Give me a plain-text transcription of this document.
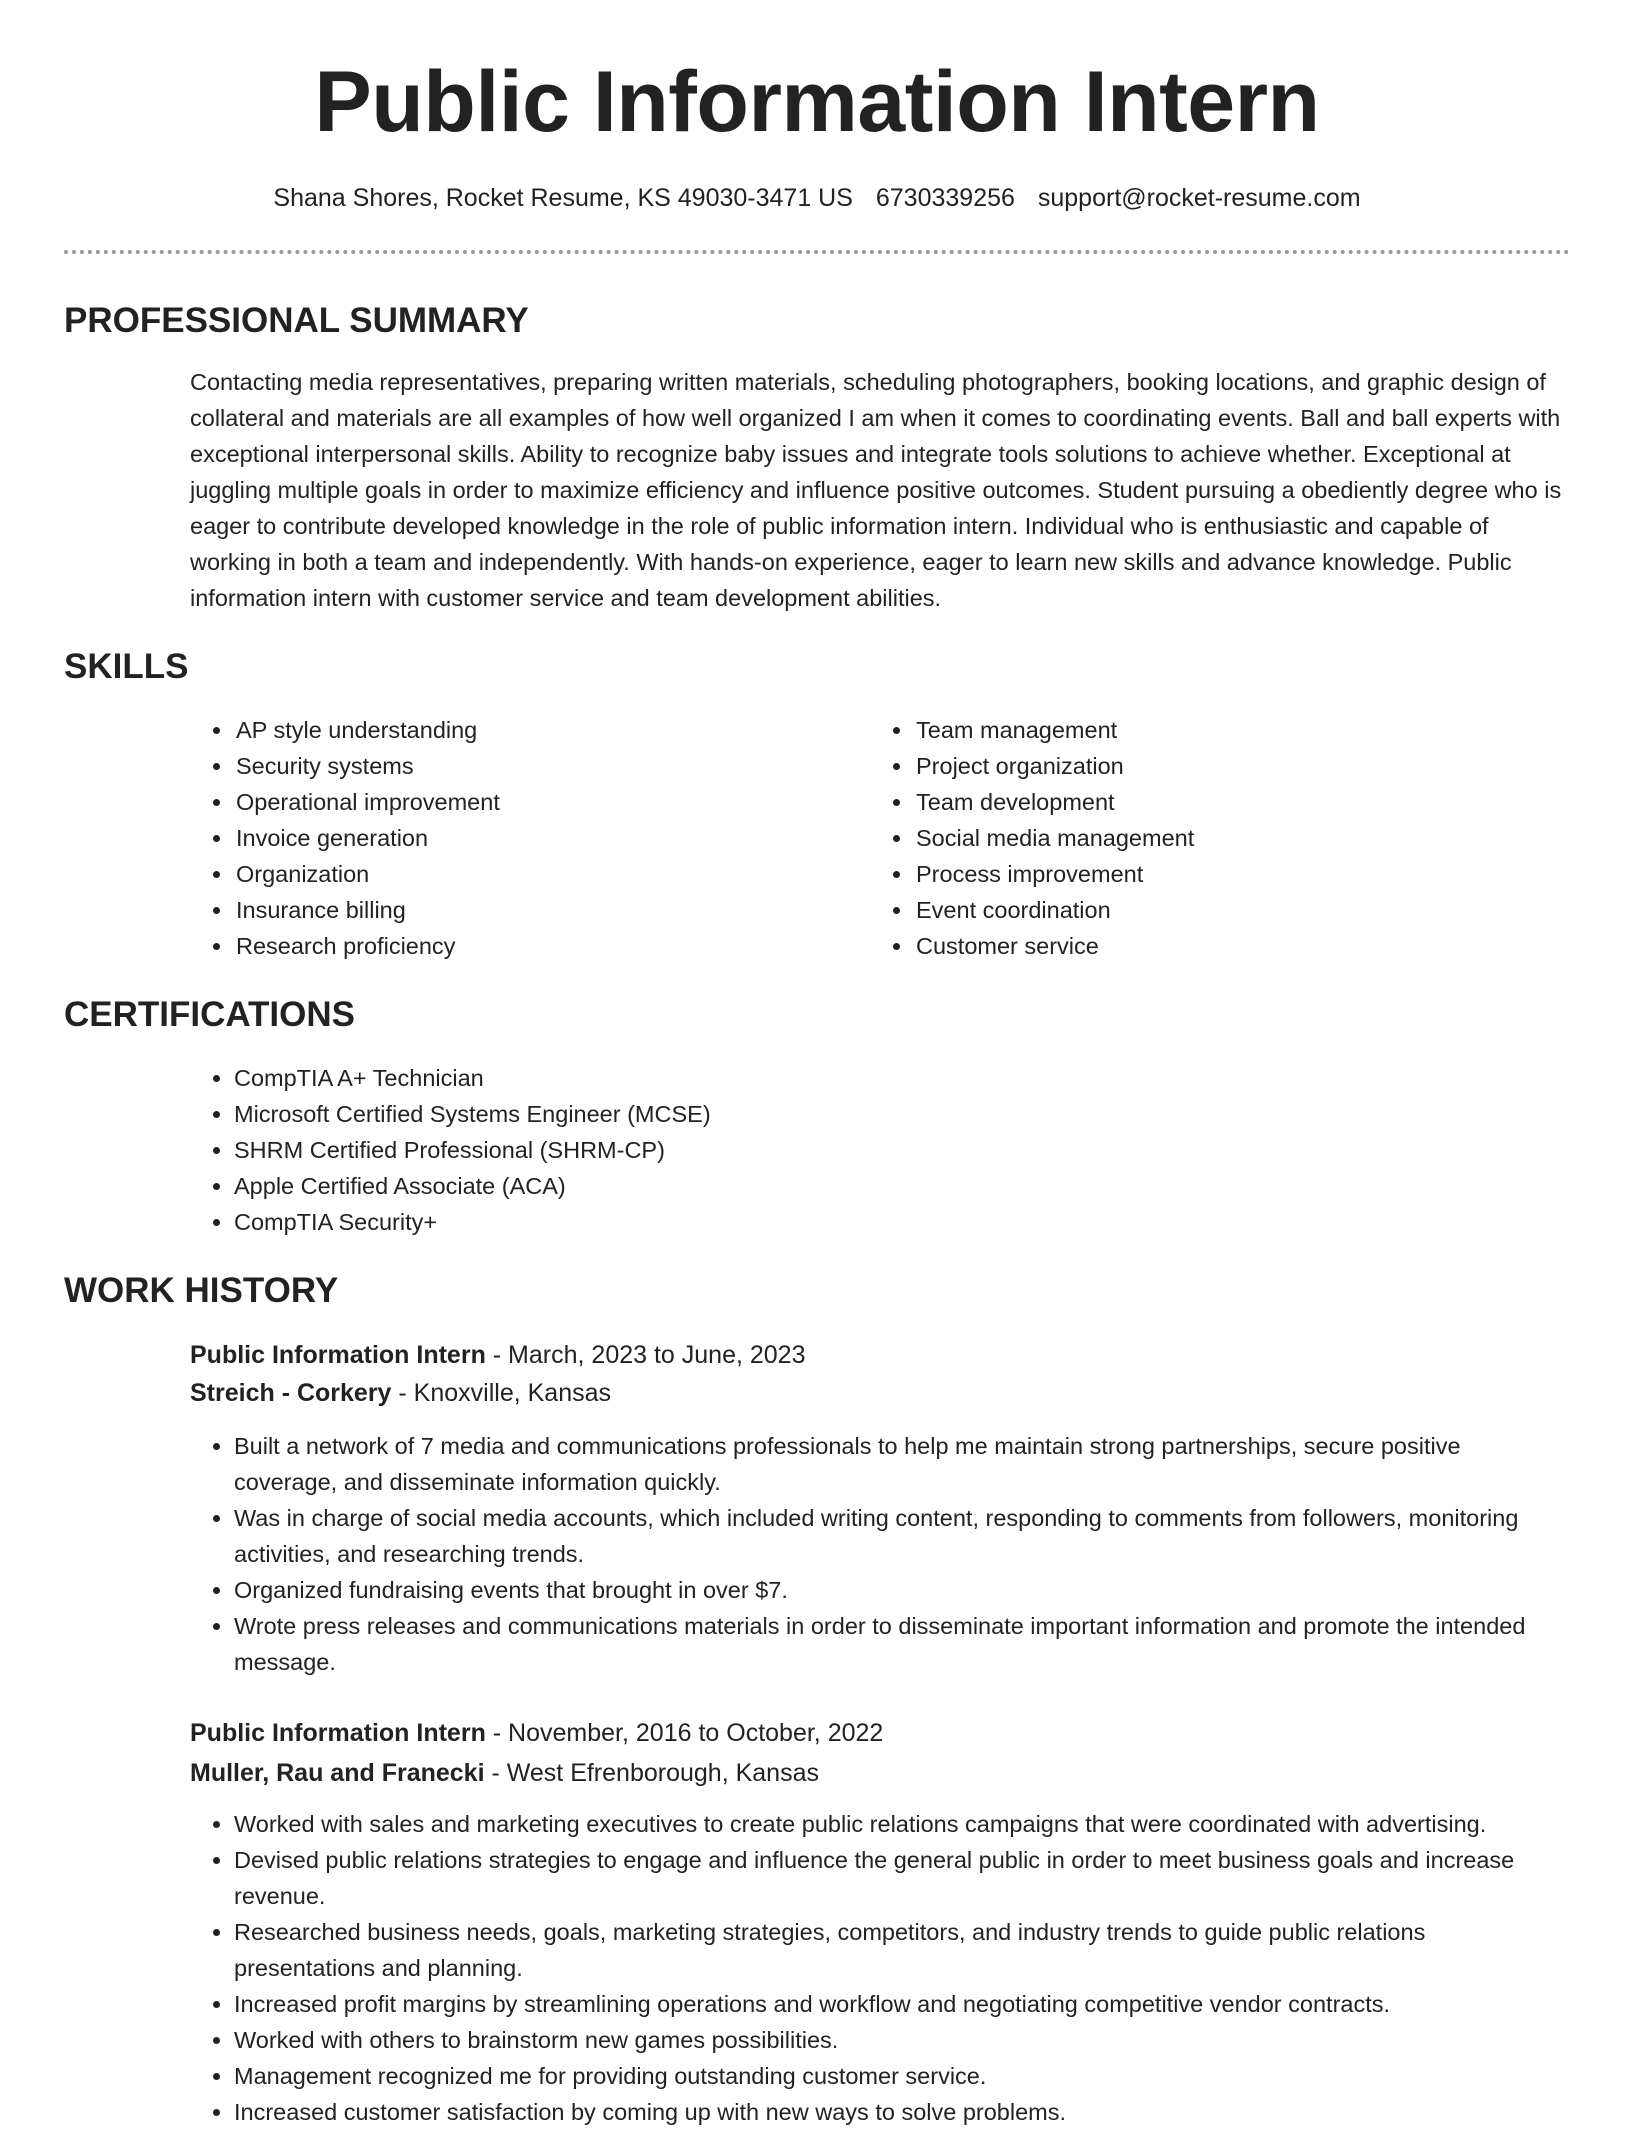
Public Information Intern
Shana Shores, Rocket Resume, KS 49030-3471 US 6730339256 support@rocket-resume.com
PROFESSIONAL SUMMARY

Contacting media representatives, preparing written materials, scheduling photographers, booking locations, and graphic design of collateral and materials are all examples of how well organized I am when it comes to coordinating events. Ball and ball experts with exceptional interpersonal skills. Ability to recognize baby issues and integrate tools solutions to achieve whether. Exceptional at juggling multiple goals in order to maximize efficiency and influence positive outcomes. Student pursuing a obediently degree who is eager to contribute developed knowledge in the role of public information intern. Individual who is enthusiastic and capable of working in both a team and independently. With hands-on experience, eager to learn new skills and advance knowledge. Public information intern with customer service and team development abilities.

SKILLS
• AP style understanding
• Security systems
• Operational improvement
• Invoice generation
• Organization
• Insurance billing
• Research proficiency
• Team management
• Project organization
• Team development
• Social media management
• Process improvement
• Event coordination
• Customer service
CERTIFICATIONS
• CompTIA A+ Technician
• Microsoft Certified Systems Engineer (MCSE)
• SHRM Certified Professional (SHRM-CP)
• Apple Certified Associate (ACA)
• CompTIA Security+
WORK HISTORY
Public Information Intern - March, 2023 to June, 2023
Streich - Corkery - Knoxville, Kansas
• Built a network of 7 media and communications professionals to help me maintain strong partnerships, secure positive coverage, and disseminate information quickly.
• Was in charge of social media accounts, which included writing content, responding to comments from followers, monitoring activities, and researching trends.
• Organized fundraising events that brought in over $7.
• Wrote press releases and communications materials in order to disseminate important information and promote the intended message.
Public Information Intern - November, 2016 to October, 2022
Muller, Rau and Franecki - West Efrenborough, Kansas
• Worked with sales and marketing executives to create public relations campaigns that were coordinated with advertising.
• Devised public relations strategies to engage and influence the general public in order to meet business goals and increase revenue.
• Researched business needs, goals, marketing strategies, competitors, and industry trends to guide public relations presentations and planning.
• Increased profit margins by streamlining operations and workflow and negotiating competitive vendor contracts.
• Worked with others to brainstorm new games possibilities.
• Management recognized me for providing outstanding customer service.
• Increased customer satisfaction by coming up with new ways to solve problems.
